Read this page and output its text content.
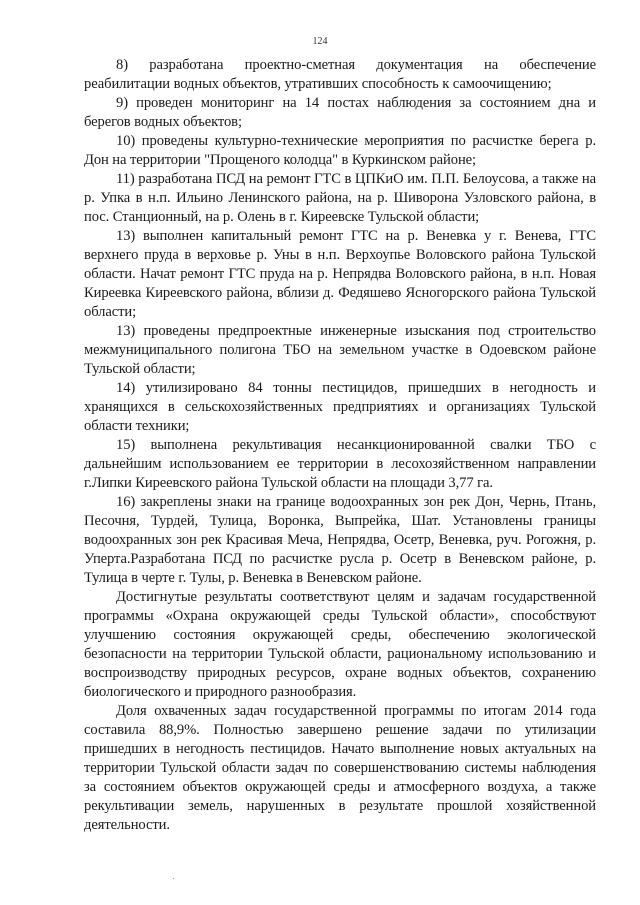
124

8) разработана проектно-сметная документация на обеспечение реабилитации водных объектов, утративших способность к самоочищению;

9) проведен мониторинг на 14 постах наблюдения за состоянием дна и берегов водных объектов;

10) проведены культурно-технические мероприятия по расчистке берега р. Дон на территории "Прощеного колодца" в Куркинском районе;

11) разработана ПСД на ремонт ГТС в ЦПКиО им. П.П. Белоусова, а также на р. Упка в н.п. Ильино Ленинского района, на р. Шиворона Узловского района, в пос. Станционный, на р. Олень в г. Киреевске Тульской области;

13) выполнен капитальный ремонт ГТС на р. Веневка у г. Венева, ГТС верхнего пруда в верховье р. Уны в н.п. Верхоупье Воловского района Тульской области. Начат ремонт ГТС пруда на р. Непрядва Воловского района, в н.п. Новая Киреевка Киреевского района, вблизи д. Федяшево Ясногорского района Тульской области;

13) проведены предпроектные инженерные изыскания под строительство межмуниципального полигона ТБО на земельном участке в Одоевском районе Тульской области;

14) утилизировано 84 тонны пестицидов, пришедших в негодность и хранящихся в сельскохозяйственных предприятиях и организациях Тульской области техники;

15) выполнена рекультивация несанкционированной свалки ТБО с дальнейшим использованием ее территории в лесохозяйственном направлении г.Липки Киреевского района Тульской области на площади 3,77 га.

16) закреплены знаки на границе водоохранных зон рек Дон, Чернь, Птань, Песочня, Турдей, Тулица, Воронка, Выпрейка, Шат. Установлены границы водоохранных зон рек Красивая Меча, Непрядва, Осетр, Веневка, руч. Рогожня, р. Уперта.Разработана ПСД по расчистке русла р. Осетр в Веневском районе, р. Тулица в черте г. Тулы, р. Веневка в Веневском районе.

Достигнутые результаты соответствуют целям и задачам государственной программы «Охрана окружающей среды Тульской области», способствуют улучшению состояния окружающей среды, обеспечению экологической безопасности на территории Тульской области, рациональному использованию и воспроизводству природных ресурсов, охране водных объектов, сохранению биологического и природного разнообразия.

Доля охваченных задач государственной программы по итогам 2014 года составила 88,9%. Полностью завершено решение задачи по утилизации пришедших в негодность пестицидов. Начато выполнение новых актуальных на территории Тульской области задач по совершенствованию системы наблюдения за состоянием объектов окружающей среды и атмосферного воздуха, а также рекультивации земель, нарушенных в результате прошлой хозяйственной деятельности.
